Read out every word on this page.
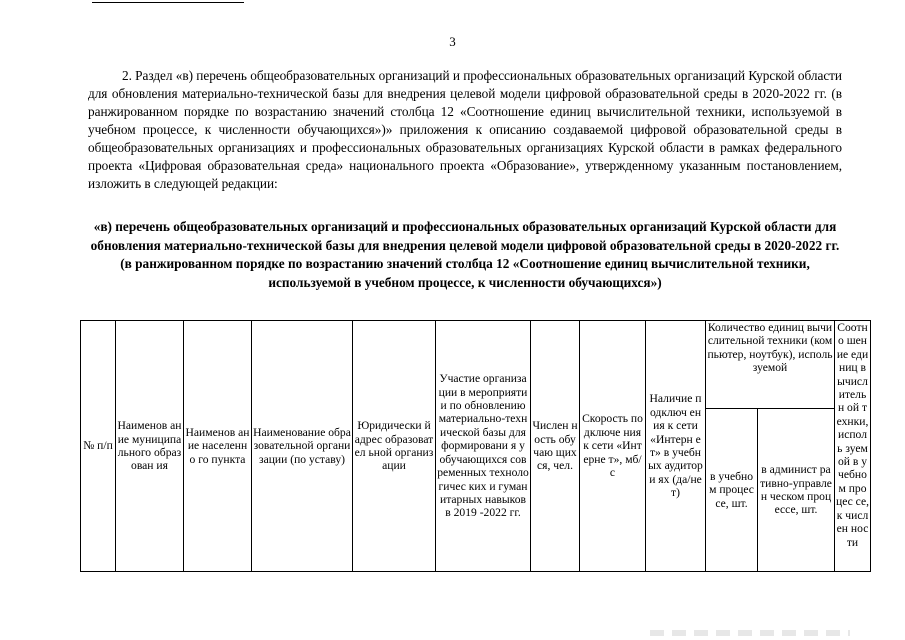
3

2. Раздел «в) перечень общеобразовательных организаций и профессиональных образовательных организаций Курской области для обновления материально-технической базы для внедрения целевой модели цифровой образовательной среды в 2020-2022 гг. (в ранжированном порядке по возрастанию значений столбца 12 «Соотношение единиц вычислительной техники, используемой в учебном процессе, к численности обучающихся»)» приложения к описанию создаваемой цифровой образовательной среды в общеобразовательных организациях и профессиональных образовательных организациях Курской области в рамках федерального проекта «Цифровая образовательная среда» национального проекта «Образование», утвержденному указанным постановлением, изложить в следующей редакции:

«в) перечень общеобразовательных организаций и профессиональных образовательных организаций Курской области для обновления материально-технической базы для внедрения целевой модели цифровой образовательной среды в 2020-2022 гг. (в ранжированном порядке по возрастанию значений столбца 12 «Соотношение единиц вычислительной техники, используемой в учебном процессе, к численности обучающихся»)

№ п/п	Наименов ание муниципа льного образован ия	Наименов ание населенно го пункта	Наименование образовательной организации (по уставу)	Юридически й адрес образовател ьной организации	Участие организации в мероприятии по обновлению материально-технической базы для формировани я у обучающихся современных технологичес ких и гуманитарных навыков в 2019 -2022 гг.	Числен ность обучаю щихся, чел.	Скорость подключе ния к сети «Интерне т», мб/с	Наличие подключ ения к сети «Интерн ет» в учебных аудитори ях (да/нет)	Количество единиц вычислительной техники (компьютер, ноутбук), используемой		Соотно шение единиц вычисл ительн ой технки, исполь зуемой в учебно м процес се, к числен ности
									в учебно м процес се, шт.	в админист ративно-управлен ческом процессе, шт.	
